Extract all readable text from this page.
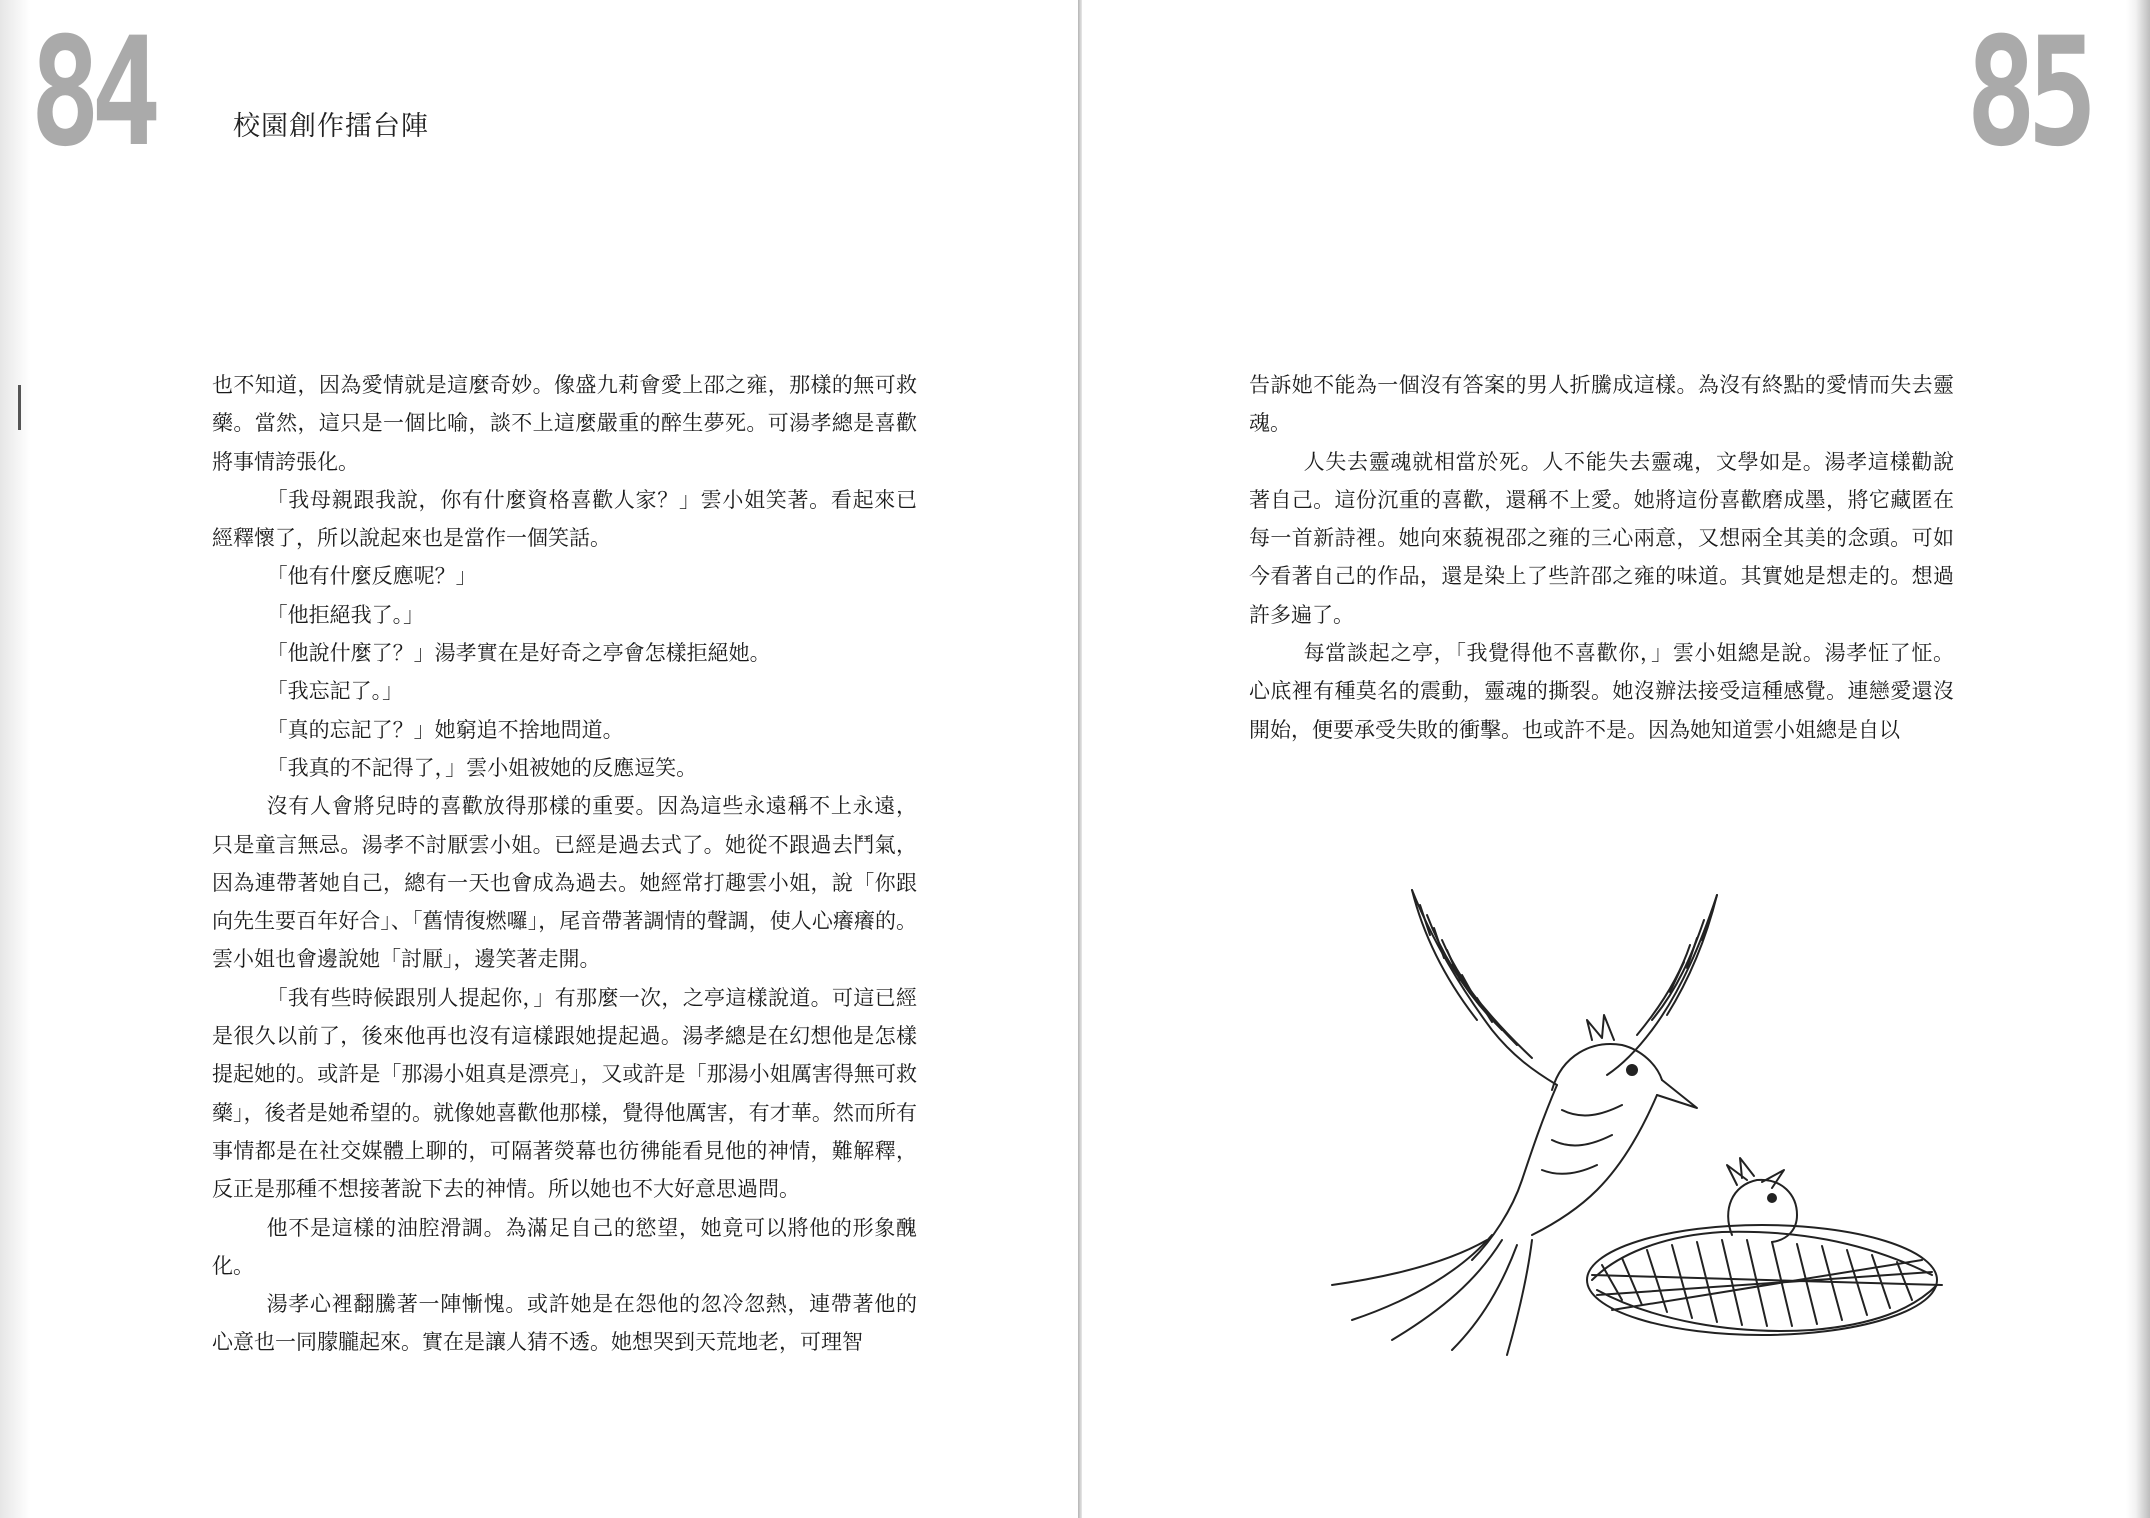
84	校園創作擂台陣

也不知道，因為愛情就是這麼奇妙。像盛九莉會愛上邵之雍，那樣的無可救藥。當然，這只是一個比喻，談不上這麼嚴重的醉生夢死。可湯孝總是喜歡將事情誇張化。

「我母親跟我說，你有什麼資格喜歡人家？」雲小姐笑著。看起來已經釋懷了，所以說起來也是當作一個笑話。

「他有什麼反應呢？」

「他拒絕我了。」

「他說什麼了？」湯孝實在是好奇之亭會怎樣拒絕她。

「我忘記了。」

「真的忘記了？」她窮追不捨地問道。

「我真的不記得了，」雲小姐被她的反應逗笑。

沒有人會將兒時的喜歡放得那樣的重要。因為這些永遠稱不上永遠，只是童言無忌。湯孝不討厭雲小姐。已經是過去式了。她從不跟過去鬥氣，因為連帶著她自己，總有一天也會成為過去。她經常打趣雲小姐，說「你跟向先生要百年好合」、「舊情復燃囉」，尾音帶著調情的聲調，使人心癢癢的。雲小姐也會邊說她「討厭」，邊笑著走開。

「我有些時候跟別人提起你，」有那麼一次，之亭這樣說道。可這已經是很久以前了，後來他再也沒有這樣跟她提起過。湯孝總是在幻想他是怎樣提起她的。或許是「那湯小姐真是漂亮」，又或許是「那湯小姐厲害得無可救藥」，後者是她希望的。就像她喜歡他那樣，覺得他厲害，有才華。然而所有事情都是在社交媒體上聊的，可隔著熒幕也彷彿能看見他的神情，難解釋，反正是那種不想接著說下去的神情。所以她也不大好意思過問。

他不是這樣的油腔滑調。為滿足自己的慾望，她竟可以將他的形象醜化。

湯孝心裡翻騰著一陣慚愧。或許她是在怨他的忽冷忽熱，連帶著他的心意也一同朦朧起來。實在是讓人猜不透。她想哭到天荒地老，可理智

85

告訴她不能為一個沒有答案的男人折騰成這樣。為沒有終點的愛情而失去靈魂。

人失去靈魂就相當於死。人不能失去靈魂，文學如是。湯孝這樣勸說著自己。這份沉重的喜歡，還稱不上愛。她將這份喜歡磨成墨，將它藏匿在每一首新詩裡。她向來藐視邵之雍的三心兩意，又想兩全其美的念頭。可如今看著自己的作品，還是染上了些許邵之雍的味道。其實她是想走的。想過許多遍了。

每當談起之亭，「我覺得他不喜歡你，」雲小姐總是說。湯孝怔了怔。心底裡有種莫名的震動，靈魂的撕裂。她沒辦法接受這種感覺。連戀愛還沒開始，便要承受失敗的衝擊。也或許不是。因為她知道雲小姐總是自以
